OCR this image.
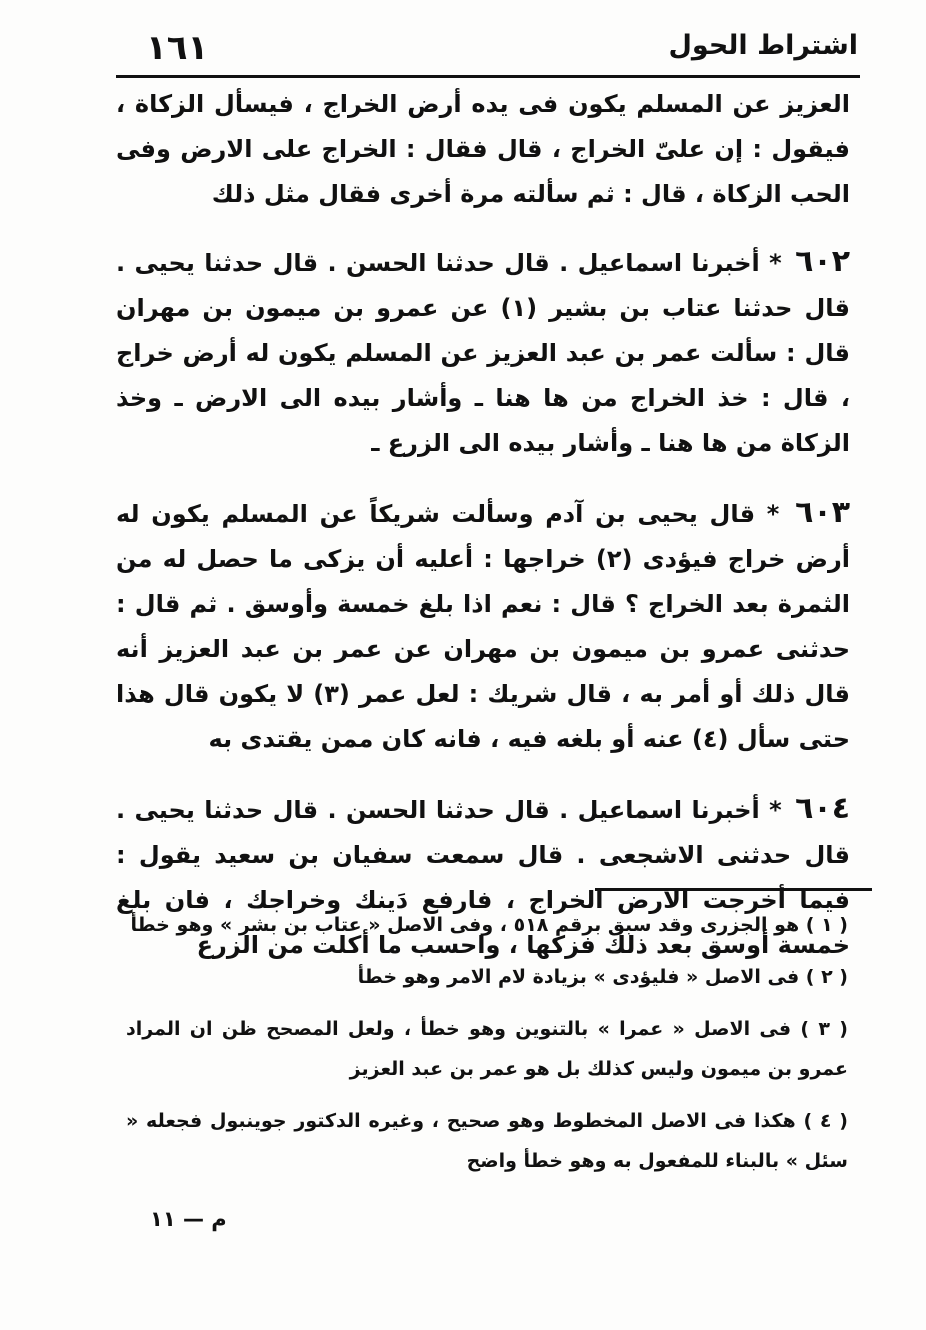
اشتراط الحول
١٦١

العزيز عن المسلم يكون فى يده أرض الخراج ، فيسأل الزكاة ، فيقول : إن علىّ الخراج ، قال فقال : الخراج على الارض وفى الحب الزكاة ، قال : ثم سألته مرة أخرى فقال مثل ذلك

٦٠٢ * أخبرنا اسماعيل . قال حدثنا الحسن . قال حدثنا يحيى . قال حدثنا عتاب بن بشير (١) عن عمرو بن ميمون بن مهران قال : سألت عمر بن عبد العزيز عن المسلم يكون له أرض خراج ، قال : خذ الخراج من ها هنا ـ وأشار بيده الى الارض ـ وخذ الزكاة من ها هنا ـ وأشار بيده الى الزرع ـ

٦٠٣ * قال يحيى بن آدم وسألت شريكاً عن المسلم يكون له أرض خراج فيؤدى (٢) خراجها : أعليه أن يزكى ما حصل له من الثمرة بعد الخراج ؟ قال : نعم اذا بلغ خمسة وأوسق . ثم قال : حدثنى عمرو بن ميمون بن مهران عن عمر بن عبد العزيز أنه قال ذلك أو أمر به ، قال شريك : لعل عمر (٣) لا يكون قال هذا حتى سأل (٤) عنه أو بلغه فيه ، فانه كان ممن يقتدى به

٦٠٤ * أخبرنا اسماعيل . قال حدثنا الحسن . قال حدثنا يحيى . قال حدثنى الاشجعى . قال سمعت سفيان بن سعيد يقول : فيما أخرجت الارض الخراج ، فارفع دَينك وخراجك ، فان بلغ خمسة أوسق بعد ذلك فزكها ، واحسب ما أكلت من الزرع

( ١ ) هو الجزرى وقد سبق برقم ٥١٨ ، وفى الاصل « عتاب بن بشر » وهو خطأ

( ٢ ) فى الاصل « فليؤدى » بزيادة لام الامر وهو خطأ

( ٣ ) فى الاصل « عمرا » بالتنوين وهو خطأ ، ولعل المصحح ظن ان المراد عمرو بن ميمون وليس كذلك بل هو عمر بن عبد العزيز

( ٤ ) هكذا فى الاصل المخطوط وهو صحيح ، وغيره الدكتور جوينبول فجعله « سئل » بالبناء للمفعول به وهو خطأ واضح

م — ١١
